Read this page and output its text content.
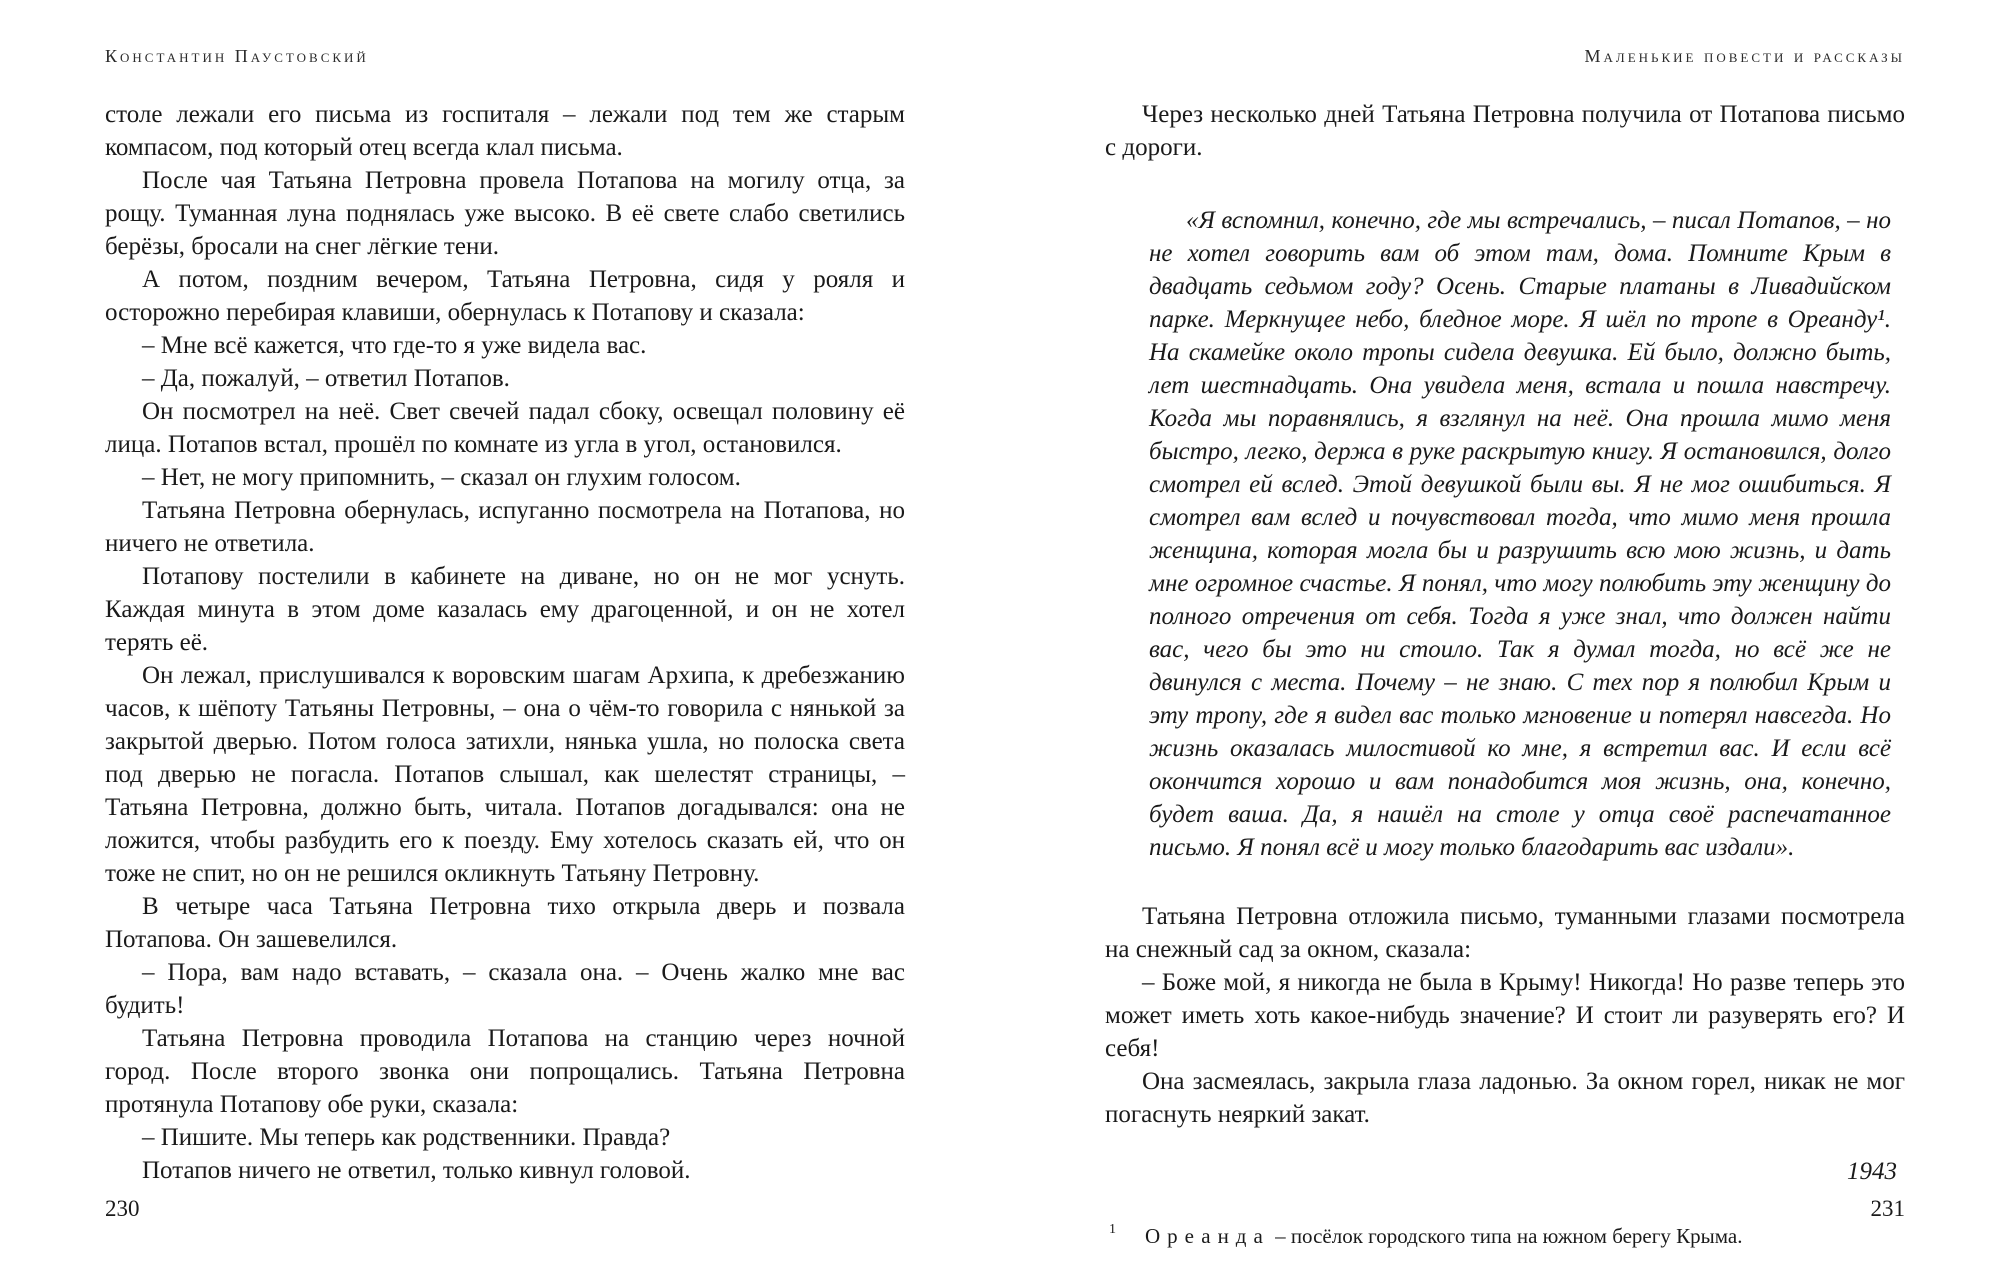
Константин Паустовский	Маленькие повести и рассказы

столе лежали его письма из госпиталя – лежали под тем же старым компасом, под который отец всегда клал письма.

После чая Татьяна Петровна провела Потапова на могилу отца, за рощу. Туманная луна поднялась уже высоко. В её свете слабо светились берёзы, бросали на снег лёгкие тени.

А потом, поздним вечером, Татьяна Петровна, сидя у рояля и осторожно перебирая клавиши, обернулась к Потапову и сказала:

– Мне всё кажется, что где-то я уже видела вас.

– Да, пожалуй, – ответил Потапов.

Он посмотрел на неё. Свет свечей падал сбоку, освещал половину её лица. Потапов встал, прошёл по комнате из угла в угол, остановился.

– Нет, не могу припомнить, – сказал он глухим голосом.

Татьяна Петровна обернулась, испуганно посмотрела на Потапова, но ничего не ответила.

Потапову постелили в кабинете на диване, но он не мог уснуть. Каждая минута в этом доме казалась ему драгоценной, и он не хотел терять её.

Он лежал, прислушивался к воровским шагам Архипа, к дребезжанию часов, к шёпоту Татьяны Петровны, – она о чём-то говорила с нянькой за закрытой дверью. Потом голоса затихли, нянька ушла, но полоска света под дверью не погасла. Потапов слышал, как шелестят страницы, – Татьяна Петровна, должно быть, читала. Потапов догадывался: она не ложится, чтобы разбудить его к поезду. Ему хотелось сказать ей, что он тоже не спит, но он не решился окликнуть Татьяну Петровну.

В четыре часа Татьяна Петровна тихо открыла дверь и позвала Потапова. Он зашевелился.

– Пора, вам надо вставать, – сказала она. – Очень жалко мне вас будить!

Татьяна Петровна проводила Потапова на станцию через ночной город. После второго звонка они попрощались. Татьяна Петровна протянула Потапову обе руки, сказала:

– Пишите. Мы теперь как родственники. Правда?

Потапов ничего не ответил, только кивнул головой.

Через несколько дней Татьяна Петровна получила от Потапова письмо с дороги.

«Я вспомнил, конечно, где мы встречались, – писал Потапов, – но не хотел говорить вам об этом там, дома. Помните Крым в двадцать седьмом году? Осень. Старые платаны в Ливадийском парке. Меркнущее небо, бледное море. Я шёл по тропе в Ореанду¹. На скамейке около тропы сидела девушка. Ей было, должно быть, лет шестнадцать. Она увидела меня, встала и пошла навстречу. Когда мы поравнялись, я взглянул на неё. Она прошла мимо меня быстро, легко, держа в руке раскрытую книгу. Я остановился, долго смотрел ей вслед. Этой девушкой были вы. Я не мог ошибиться. Я смотрел вам вслед и почувствовал тогда, что мимо меня прошла женщина, которая могла бы и разрушить всю мою жизнь, и дать мне огромное счастье. Я понял, что могу полюбить эту женщину до полного отречения от себя. Тогда я уже знал, что должен найти вас, чего бы это ни стоило. Так я думал тогда, но всё же не двинулся с места. Почему – не знаю. С тех пор я полюбил Крым и эту тропу, где я видел вас только мгновение и потерял навсегда. Но жизнь оказалась милостивой ко мне, я встретил вас. И если всё окончится хорошо и вам понадобится моя жизнь, она, конечно, будет ваша. Да, я нашёл на столе у отца своё распечатанное письмо. Я понял всё и могу только благодарить вас издали».

Татьяна Петровна отложила письмо, туманными глазами посмотрела на снежный сад за окном, сказала:

– Боже мой, я никогда не была в Крыму! Никогда! Но разве теперь это может иметь хоть какое-нибудь значение? И стоит ли разуверять его? И себя!

Она засмеялась, закрыла глаза ладонью. За окном горел, никак не мог погаснуть неяркий закат.

1943
1	Ореанда – посёлок городского типа на южном берегу Крыма.
230	231
